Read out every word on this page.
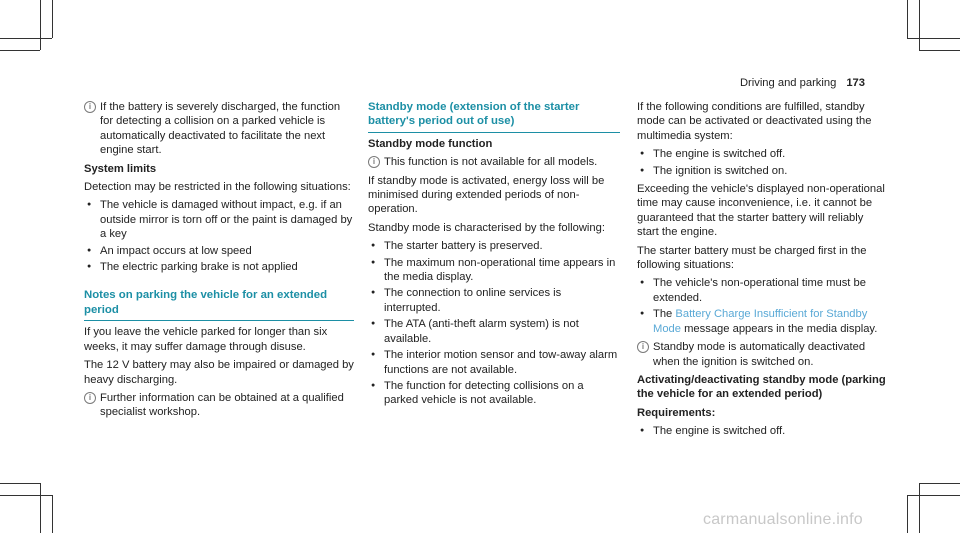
Driving and parking 173
i If the battery is severely discharged, the function for detecting a collision on a parked vehicle is automatically deactivated to facilitate the next engine start.

System limits

Detection may be restricted in the following situations:

● The vehicle is damaged without impact, e.g. if an outside mirror is torn off or the paint is damaged by a key
● An impact occurs at low speed
● The electric parking brake is not applied

Notes on parking the vehicle for an extended period

If you leave the vehicle parked for longer than six weeks, it may suffer damage through disuse.

The 12 V battery may also be impaired or damaged by heavy discharging.

i Further information can be obtained at a qualified specialist workshop.

Standby mode (extension of the starter battery's period out of use)

Standby mode function

i This function is not available for all models.

If standby mode is activated, energy loss will be minimised during extended periods of non-operation.

Standby mode is characterised by the following:

● The starter battery is preserved.
● The maximum non-operational time appears in the media display.
● The connection to online services is interrupted.
● The ATA (anti-theft alarm system) is not available.
● The interior motion sensor and tow-away alarm functions are not available.
● The function for detecting collisions on a parked vehicle is not available.

If the following conditions are fulfilled, standby mode can be activated or deactivated using the multimedia system:

● The engine is switched off.
● The ignition is switched on.

Exceeding the vehicle's displayed non-operational time may cause inconvenience, i.e. it cannot be guaranteed that the starter battery will reliably start the engine.

The starter battery must be charged first in the following situations:

● The vehicle's non-operational time must be extended.
● The Battery Charge Insufficient for Standby Mode message appears in the media display.
i Standby mode is automatically deactivated when the ignition is switched on.

Activating/deactivating standby mode (parking the vehicle for an extended period)

Requirements:

● The engine is switched off.
carmanualsonline.info
